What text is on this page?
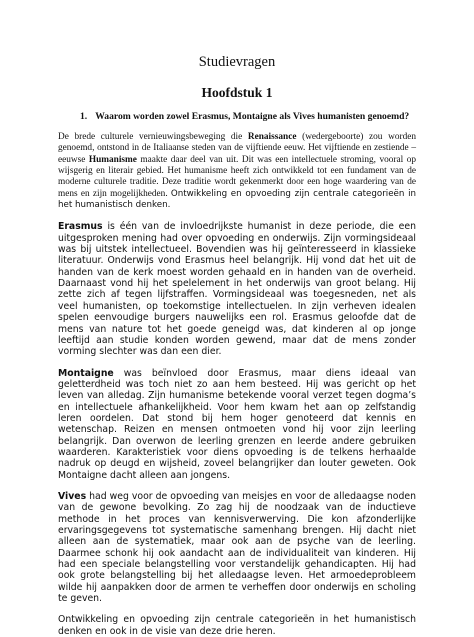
Studievragen
Hoofdstuk 1
1. Waarom worden zowel Erasmus, Montaigne als Vives humanisten genoemd?

De brede culturele vernieuwingsbeweging die Renaissance (wedergeboorte) zou worden genoemd, ontstond in de Italiaanse steden van de vijftiende eeuw. Het vijftiende en zestiende –eeuwse Humanisme maakte daar deel van uit. Dit was een intellectuele stroming, vooral op wijsgerig en literair gebied. Het humanisme heeft zich ontwikkeld tot een fundament van de moderne culturele traditie. Deze traditie wordt gekenmerkt door een hoge waardering van de mens en zijn mogelijkheden. Ontwikkeling en opvoeding zijn centrale categorieën in het humanistisch denken.

Erasmus is één van de invloedrijkste humanist in deze periode, die een uitgesproken mening had over opvoeding en onderwijs. Zijn vormingsideaal was bij uitstek intellectueel. Bovendien was hij geïnteresseerd in klassieke literatuur. Onderwijs vond Erasmus heel belangrijk. Hij vond dat het uit de handen van de kerk moest worden gehaald en in handen van de overheid. Daarnaast vond hij het spelelement in het onderwijs van groot belang. Hij zette zich af tegen lijfstraffen. Vormingsideaal was toegesneden, net als veel humanisten, op toekomstige intellectuelen. In zijn verheven idealen spelen eenvoudige burgers nauwelijks een rol. Erasmus geloofde dat de mens van nature tot het goede geneigd was, dat kinderen al op jonge leeftijd aan studie konden worden gewend, maar dat de mens zonder vorming slechter was dan een dier.

Montaigne was beïnvloed door Erasmus, maar diens ideaal van geletterdheid was toch niet zo aan hem besteed. Hij was gericht op het leven van alledag. Zijn humanisme betekende vooral verzet tegen dogma’s en intellectuele afhankelijkheid. Voor hem kwam het aan op zelfstandig leren oordelen. Dat stond bij hem hoger genoteerd dat kennis en wetenschap. Reizen en mensen ontmoeten vond hij voor zijn leerling belangrijk. Dan overwon de leerling grenzen en leerde andere gebruiken waarderen. Karakteristiek voor diens opvoeding is de telkens herhaalde nadruk op deugd en wijsheid, zoveel belangrijker dan louter geweten. Ook Montaigne dacht alleen aan jongens.

Vives had weg voor de opvoeding van meisjes en voor de alledaagse noden van de gewone bevolking. Zo zag hij de noodzaak van de inductieve methode in het proces van kennisverwerving. Die kon afzonderlijke ervaringsgegevens tot systematische samenhang brengen. Hij dacht niet alleen aan de systematiek, maar ook aan de psyche van de leerling. Daarmee schonk hij ook aandacht aan de individualiteit van kinderen. Hij had een speciale belangstelling voor verstandelijk gehandicapten. Hij had ook grote belangstelling bij het alledaagse leven. Het armoedeprobleem wilde hij aanpakken door de armen te verheffen door onderwijs en scholing te geven.

Ontwikkeling en opvoeding zijn centrale categorieën in het humanistisch denken en ook in de visie van deze drie heren.
